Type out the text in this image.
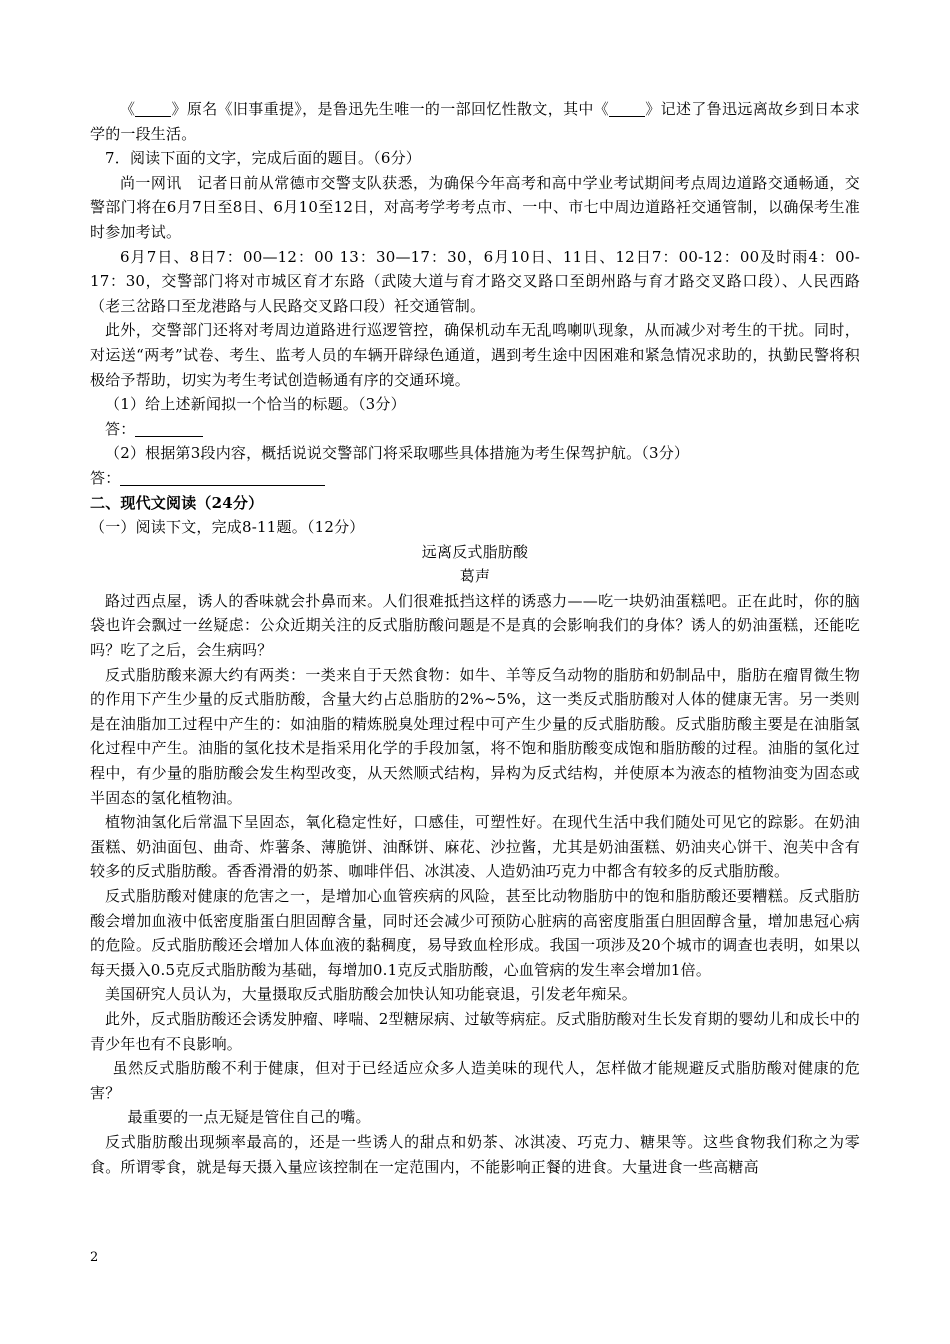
《 》原名《旧事重提》，是鲁迅先生唯一的一部回忆性散文，其中《 》记述了鲁迅远离故乡到日本求学的一段生活。

7．阅读下面的文字，完成后面的题目。（6分）

尚一网讯　记者日前从常德市交警支队获悉，为确保今年高考和高中学业考试期间考点周边道路交通畅通，交警部门将在6月7日至8日、6月10至12日，对高考学考考点市、一中、市七中周边道路衽交通管制，以确保考生准时参加考试。

6月7日、8日7：00—12：00 13：30—17：30，6月10日、11日、12日7：00-12：00及时雨4：00-17：30，交警部门将对市城区育才东路（武陵大道与育才路交叉路口至朗州路与育才路交叉路口段）、人民西路（老三岔路口至龙港路与人民路交叉路口段）衽交通管制。

此外，交警部门还将对考周边道路进行巡逻管控，确保机动车无乱鸣喇叭现象，从而减少对考生的干扰。同时，对运送“两考”试卷、考生、监考人员的车辆开辟绿色通道，遇到考生途中因困难和紧急情况求助的，执勤民警将积极给予帮助，切实为考生考试创造畅通有序的交通环境。

（1）给上述新闻拟一个恰当的标题。（3分）

答：

（2）根据第3段内容，概括说说交警部门将采取哪些具体措施为考生保驾护航。（3分）

答：

二、现代文阅读（24分）

（一）阅读下文，完成8-11题。（12分）

远离反式脂肪酸

葛声

路过西点屋，诱人的香味就会扑鼻而来。人们很难抵挡这样的诱惑力——吃一块奶油蛋糕吧。正在此时，你的脑袋也许会飘过一丝疑虑：公众近期关注的反式脂肪酸问题是不是真的会影响我们的身体？诱人的奶油蛋糕，还能吃吗？吃了之后，会生病吗？

反式脂肪酸来源大约有两类：一类来自于天然食物：如牛、羊等反刍动物的脂肪和奶制品中，脂肪在瘤胃微生物的作用下产生少量的反式脂肪酸，含量大约占总脂肪的2%~5%，这一类反式脂肪酸对人体的健康无害。另一类则是在油脂加工过程中产生的：如油脂的精炼脱臭处理过程中可产生少量的反式脂肪酸。反式脂肪酸主要是在油脂氢化过程中产生。油脂的氢化技术是指采用化学的手段加氢，将不饱和脂肪酸变成饱和脂肪酸的过程。油脂的氢化过程中，有少量的脂肪酸会发生构型改变，从天然顺式结构，异构为反式结构，并使原本为液态的植物油变为固态或半固态的氢化植物油。

植物油氢化后常温下呈固态，氧化稳定性好，口感佳，可塑性好。在现代生活中我们随处可见它的踪影。在奶油蛋糕、奶油面包、曲奇、炸薯条、薄脆饼、油酥饼、麻花、沙拉酱，尤其是奶油蛋糕、奶油夹心饼干、泡芙中含有较多的反式脂肪酸。香香滑滑的奶茶、咖啡伴侣、冰淇凌、人造奶油巧克力中都含有较多的反式脂肪酸。

反式脂肪酸对健康的危害之一，是增加心血管疾病的风险，甚至比动物脂肪中的饱和脂肪酸还要糟糕。反式脂肪酸会增加血液中低密度脂蛋白胆固醇含量，同时还会减少可预防心脏病的高密度脂蛋白胆固醇含量，增加患冠心病的危险。反式脂肪酸还会增加人体血液的黏稠度，易导致血栓形成。我国一项涉及20个城市的调查也表明，如果以每天摄入0.5克反式脂肪酸为基础，每增加0.1克反式脂肪酸，心血管病的发生率会增加1倍。

美国研究人员认为，大量摄取反式脂肪酸会加快认知功能衰退，引发老年痴呆。

此外，反式脂肪酸还会诱发肿瘤、哮喘、2型糖尿病、过敏等病症。反式脂肪酸对生长发育期的婴幼儿和成长中的青少年也有不良影响。

虽然反式脂肪酸不利于健康，但对于已经适应众多人造美味的现代人，怎样做才能规避反式脂肪酸对健康的危害？

最重要的一点无疑是管住自己的嘴。

反式脂肪酸出现频率最高的，还是一些诱人的甜点和奶茶、冰淇凌、巧克力、糖果等。这些食物我们称之为零食。所谓零食，就是每天摄入量应该控制在一定范围内，不能影响正餐的进食。大量进食一些高糖高

2
